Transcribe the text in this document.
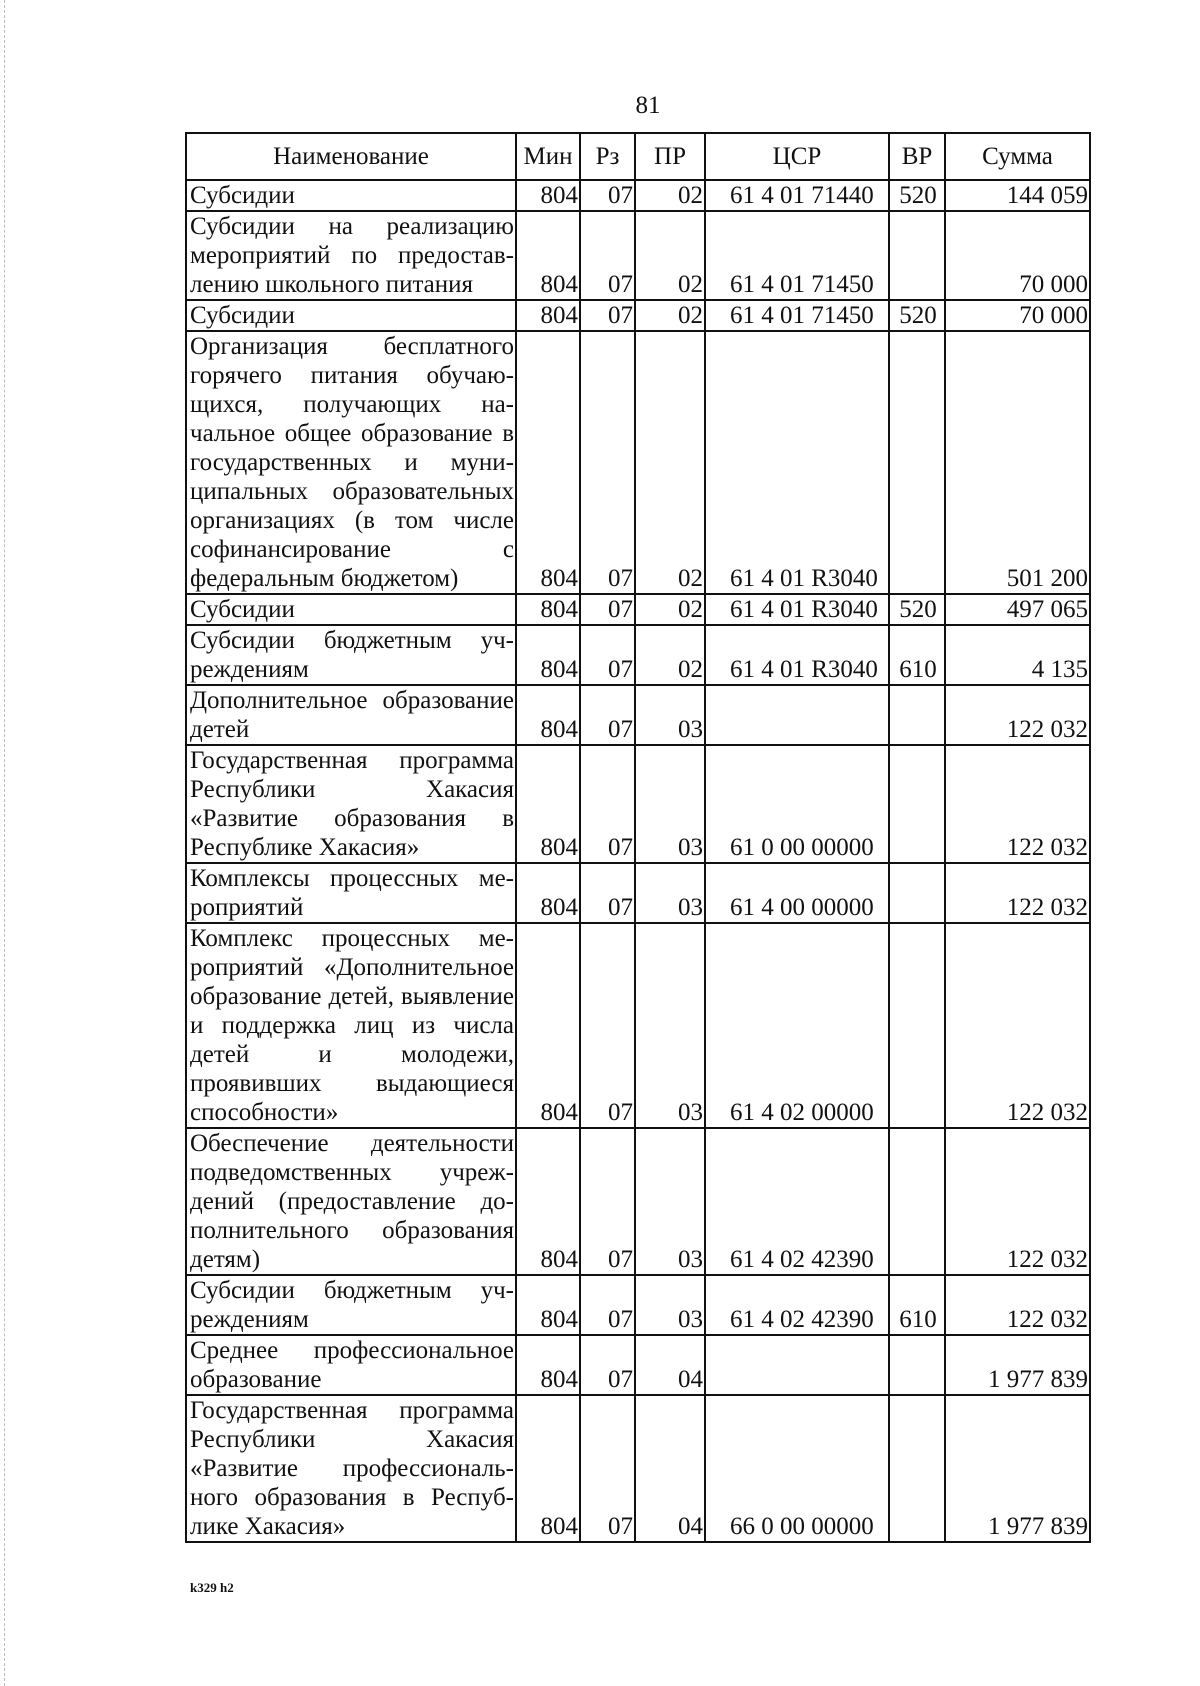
81
Наименование	Мин	Рз	ПР	ЦСР	ВР	Сумма
Субсидии	804	07	02	61 4 01 71440	520	144 059
Субсидии на реализацию мероприятий по предоставлению школьного питания	804	07	02	61 4 01 71450		70 000
Субсидии	804	07	02	61 4 01 71450	520	70 000
Организация бесплатного горячего питания обучающихся, получающих начальное общее образование в государственных и муниципальных образовательных организациях (в том числе софинансирование с федеральным бюджетом)	804	07	02	61 4 01 R3040		501 200
Субсидии	804	07	02	61 4 01 R3040	520	497 065
Субсидии бюджетным учреждениям	804	07	02	61 4 01 R3040	610	4 135
Дополнительное образование детей	804	07	03			122 032
Государственная программа Республики Хакасия «Развитие образования в Республике Хакасия»	804	07	03	61 0 00 00000		122 032
Комплексы процессных мероприятий	804	07	03	61 4 00 00000		122 032
Комплекс процессных мероприятий «Дополнительное образование детей, выявление и поддержка лиц из числа детей и молодежи, проявивших выдающиеся способности»	804	07	03	61 4 02 00000		122 032
Обеспечение деятельности подведомственных учреждений (предоставление дополнительного образования детям)	804	07	03	61 4 02 42390		122 032
Субсидии бюджетным учреждениям	804	07	03	61 4 02 42390	610	122 032
Среднее профессиональное образование	804	07	04			1 977 839
Государственная программа Республики Хакасия «Развитие профессионального образования в Республике Хакасия»	804	07	04	66 0 00 00000		1 977 839
k329 h2
